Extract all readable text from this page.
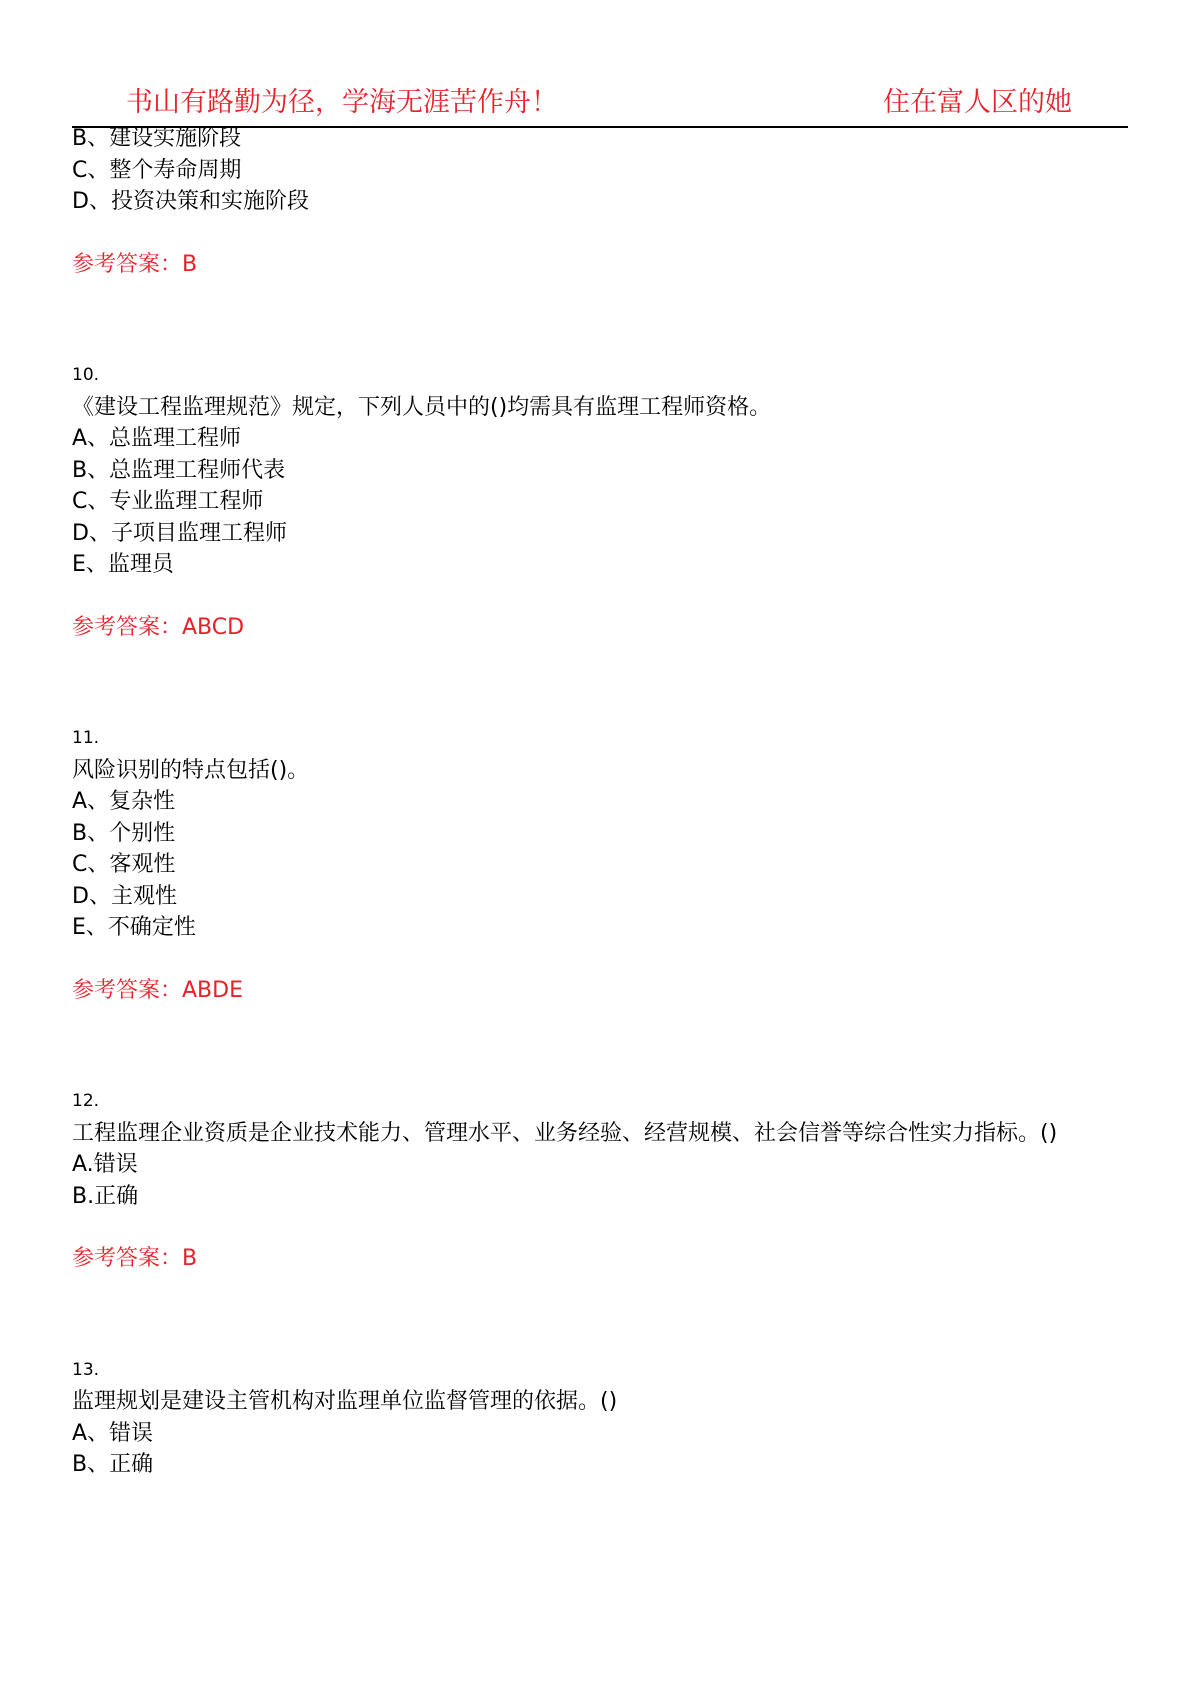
书山有路勤为径，学海无涯苦作舟！	住在富人区的她
B、建设实施阶段
C、整个寿命周期
D、投资决策和实施阶段
参考答案：B
10.
《建设工程监理规范》规定，下列人员中的()均需具有监理工程师资格。
A、总监理工程师
B、总监理工程师代表
C、专业监理工程师
D、子项目监理工程师
E、监理员
参考答案：ABCD
11.
风险识别的特点包括()。
A、复杂性
B、个别性
C、客观性
D、主观性
E、不确定性
参考答案：ABDE
12.
工程监理企业资质是企业技术能力、管理水平、业务经验、经营规模、社会信誉等综合性实力指标。()
A.错误
B.正确
参考答案：B
13.
监理规划是建设主管机构对监理单位监督管理的依据。()
A、错误
B、正确
